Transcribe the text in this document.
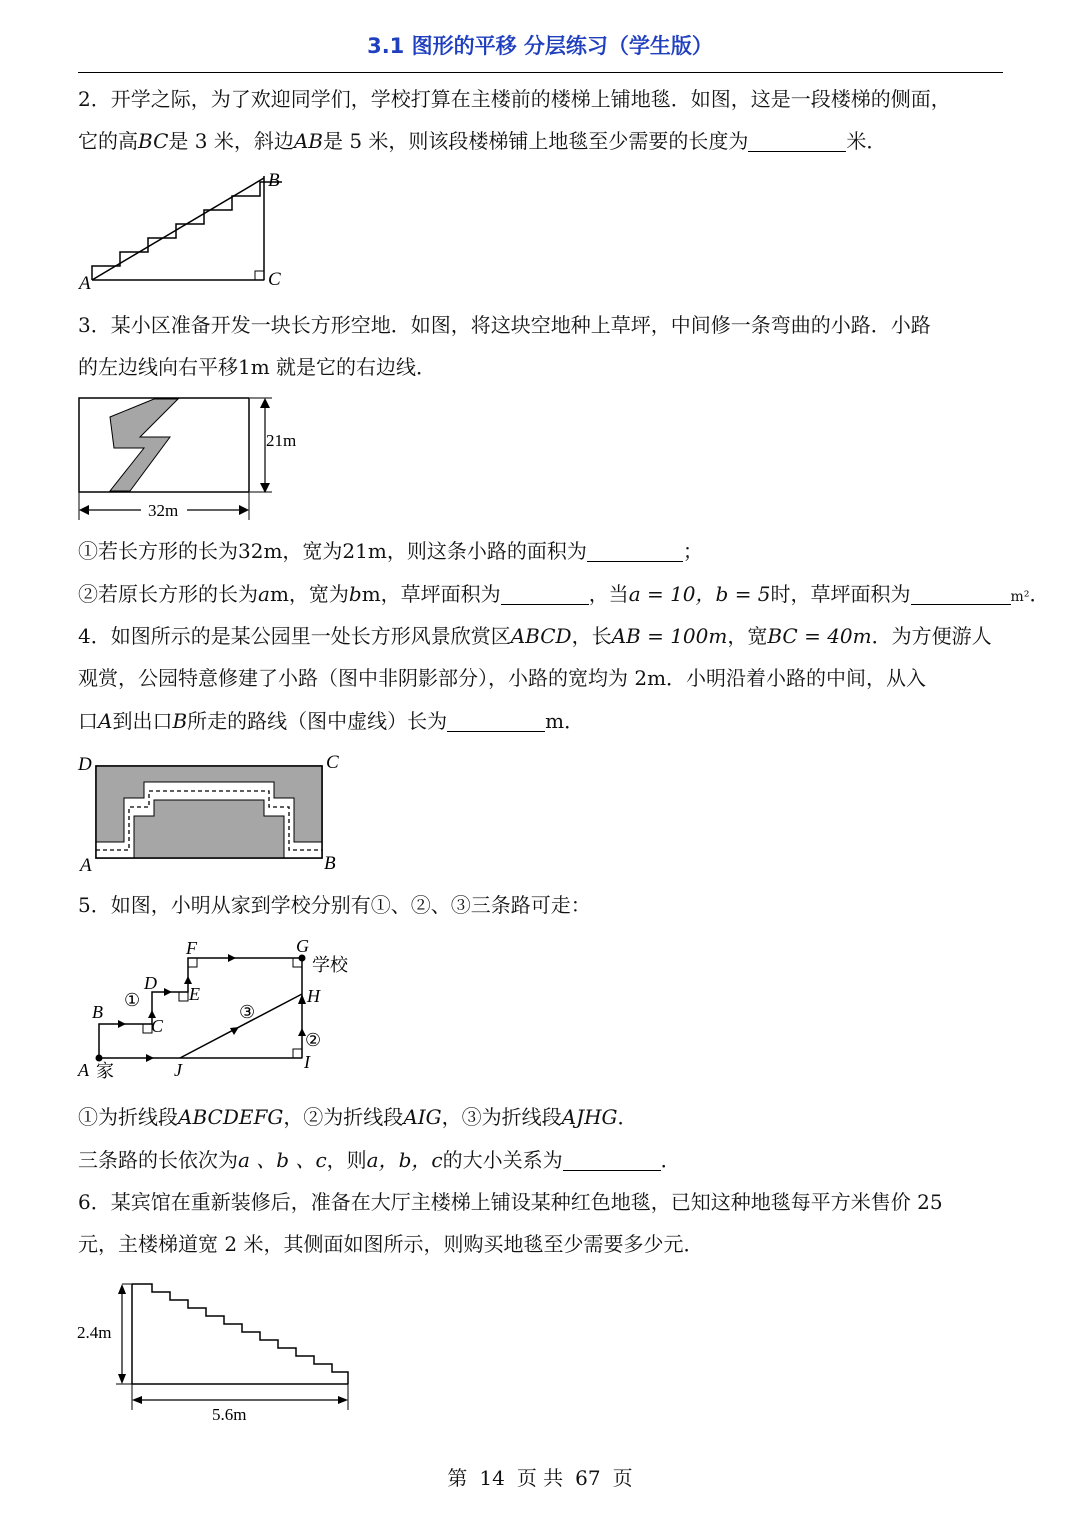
3.1 图形的平移 分层练习（学生版）
2．开学之际，为了欢迎同学们，学校打算在主楼前的楼梯上铺地毯．如图，这是一段楼梯的侧面，
它的高BC是 3 米，斜边AB是 5 米，则该段楼梯铺上地毯至少需要的长度为	米．
A
B
C
3．某小区准备开发一块长方形空地．如图，将这块空地种上草坪，中间修一条弯曲的小路．小路
的左边线向右平移1m 就是它的右边线．
21m
32m
①若长方形的长为32m，宽为21m，则这条小路的面积为	；
②若原长方形的长为am，宽为bm，草坪面积为	，当a = 10，b = 5时，草坪面积为	m²．
4．如图所示的是某公园里一处长方形风景欣赏区ABCD，长AB = 100m，宽BC = 40m．为方便游人
观赏，公园特意修建了小路（图中非阴影部分），小路的宽均为 2m．小明沿着小路的中间，从入
口A到出口B所走的路线（图中虚线）长为	m．
D	C
A	B
5．如图，小明从家到学校分别有①、②、③三条路可走：
A
B
C
D
E
F	G
H
I
J
家
学校
①
②
③
①为折线段ABCDEFG，②为折线段AIG，③为折线段AJHG．
三条路的长依次为a 、b 、c，则a，b，c的大小关系为	．
6．某宾馆在重新装修后，准备在大厅主楼梯上铺设某种红色地毯，已知这种地毯每平方米售价 25
元，主楼梯道宽 2 米，其侧面如图所示，则购买地毯至少需要多少元．
2.4m
5.6m
第 14 页 共 67 页
